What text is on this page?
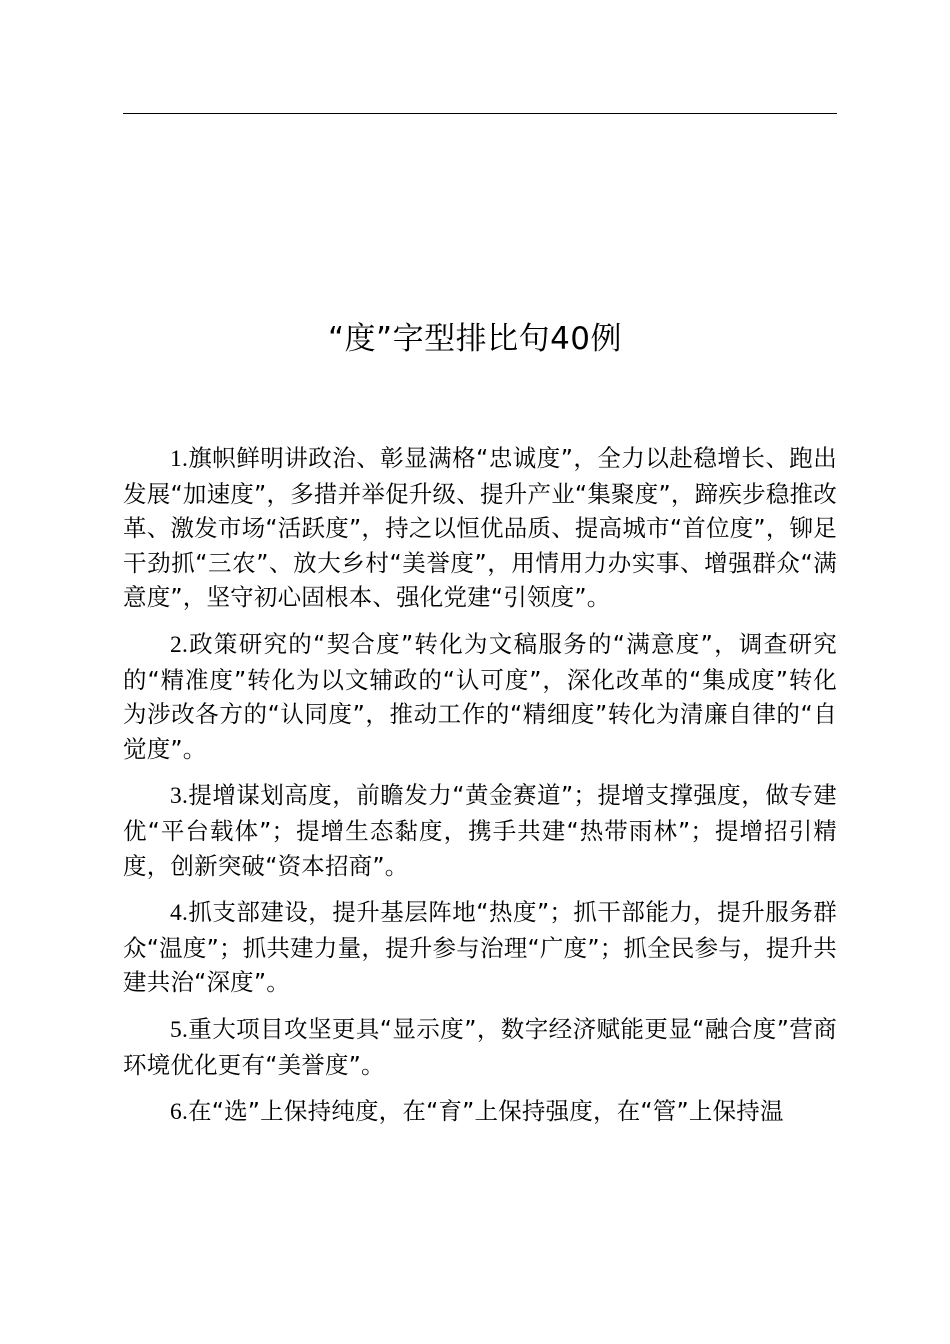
“度”字型排比句40例

1.旗帜鲜明讲政治、彰显满格“忠诚度”，全力以赴稳增长、跑出发展“加速度”，多措并举促升级、提升产业“集聚度”，蹄疾步稳推改革、激发市场“活跃度”，持之以恒优品质、提高城市“首位度”，铆足干劲抓“三农”、放大乡村“美誉度”，用情用力办实事、增强群众“满意度”，坚守初心固根本、强化党建“引领度”。

2.政策研究的“契合度”转化为文稿服务的“满意度”，调查研究的“精准度”转化为以文辅政的“认可度”，深化改革的“集成度”转化为涉改各方的“认同度”，推动工作的“精细度”转化为清廉自律的“自觉度”。

3.提增谋划高度，前瞻发力“黄金赛道”；提增支撑强度，做专建优“平台载体”；提增生态黏度，携手共建“热带雨林”；提增招引精度，创新突破“资本招商”。

4.抓支部建设，提升基层阵地“热度”；抓干部能力，提升服务群众“温度”；抓共建力量，提升参与治理“广度”；抓全民参与，提升共建共治“深度”。

5.重大项目攻坚更具“显示度”，数字经济赋能更显“融合度”营商环境优化更有“美誉度”。

6.在“选”上保持纯度，在“育”上保持强度，在“管”上保持温
